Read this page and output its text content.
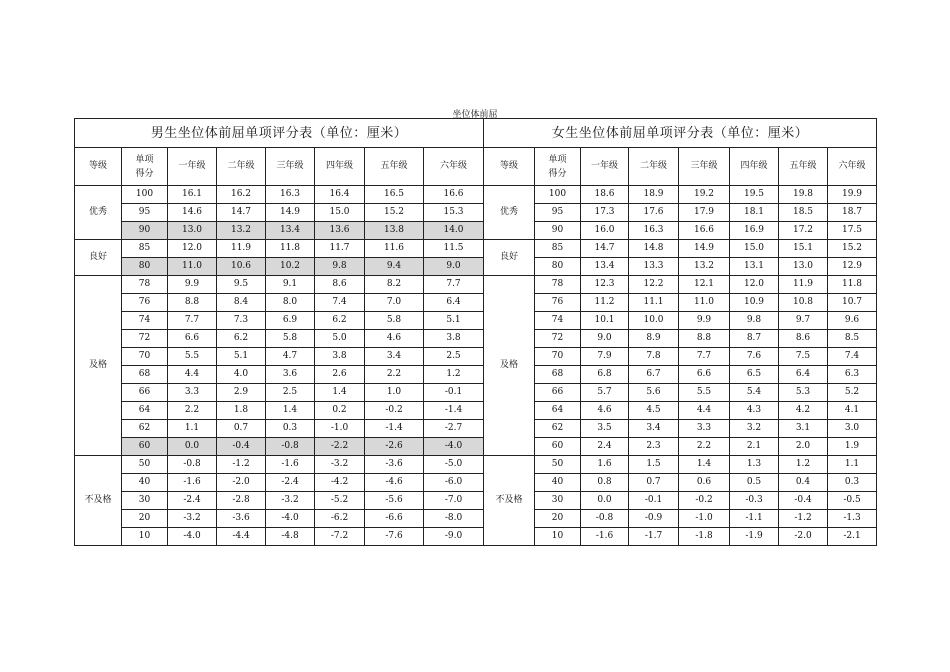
坐位体前屈
男生坐位体前屈单项评分表（单位：厘米）							
等级	单项
得分	一年级	二年级	三年级	四年级	五年级	六年级
优秀	100	16.1	16.2	16.3	16.4	16.5	16.6
	95	14.6	14.7	14.9	15.0	15.2	15.3
	90	13.0	13.2	13.4	13.6	13.8	14.0
良好	85	12.0	11.9	11.8	11.7	11.6	11.5
	80	11.0	10.6	10.2	9.8	9.4	9.0
及格	78	9.9	9.5	9.1	8.6	8.2	7.7
	76	8.8	8.4	8.0	7.4	7.0	6.4
	74	7.7	7.3	6.9	6.2	5.8	5.1
	72	6.6	6.2	5.8	5.0	4.6	3.8
	70	5.5	5.1	4.7	3.8	3.4	2.5
	68	4.4	4.0	3.6	2.6	2.2	1.2
	66	3.3	2.9	2.5	1.4	1.0	-0.1
	64	2.2	1.8	1.4	0.2	-0.2	-1.4
	62	1.1	0.7	0.3	-1.0	-1.4	-2.7
	60	0.0	-0.4	-0.8	-2.2	-2.6	-4.0
不及格	50	-0.8	-1.2	-1.6	-3.2	-3.6	-5.0
	40	-1.6	-2.0	-2.4	-4.2	-4.6	-6.0
	30	-2.4	-2.8	-3.2	-5.2	-5.6	-7.0
	20	-3.2	-3.6	-4.0	-6.2	-6.6	-8.0
	10	-4.0	-4.4	-4.8	-7.2	-7.6	-9.0
女生坐位体前屈单项评分表（单位：厘米）							
等级	单项
得分	一年级	二年级	三年级	四年级	五年级	六年级
优秀	100	18.6	18.9	19.2	19.5	19.8	19.9
	95	17.3	17.6	17.9	18.1	18.5	18.7
	90	16.0	16.3	16.6	16.9	17.2	17.5
良好	85	14.7	14.8	14.9	15.0	15.1	15.2
	80	13.4	13.3	13.2	13.1	13.0	12.9
及格	78	12.3	12.2	12.1	12.0	11.9	11.8
	76	11.2	11.1	11.0	10.9	10.8	10.7
	74	10.1	10.0	9.9	9.8	9.7	9.6
	72	9.0	8.9	8.8	8.7	8.6	8.5
	70	7.9	7.8	7.7	7.6	7.5	7.4
	68	6.8	6.7	6.6	6.5	6.4	6.3
	66	5.7	5.6	5.5	5.4	5.3	5.2
	64	4.6	4.5	4.4	4.3	4.2	4.1
	62	3.5	3.4	3.3	3.2	3.1	3.0
	60	2.4	2.3	2.2	2.1	2.0	1.9
不及格	50	1.6	1.5	1.4	1.3	1.2	1.1
	40	0.8	0.7	0.6	0.5	0.4	0.3
	30	0.0	-0.1	-0.2	-0.3	-0.4	-0.5
	20	-0.8	-0.9	-1.0	-1.1	-1.2	-1.3
	10	-1.6	-1.7	-1.8	-1.9	-2.0	-2.1
